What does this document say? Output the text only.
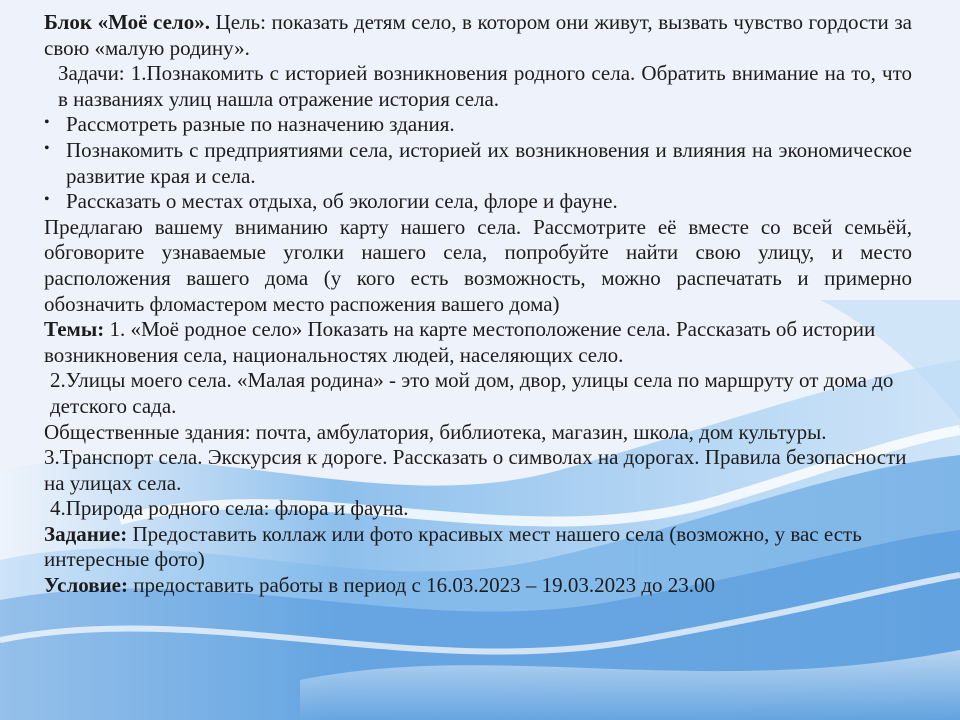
Блок «Моё село». Цель: показать детям село, в котором они живут, вызвать чувство гордости за свою «малую родину».

Задачи: 1.Познакомить с историей возникновения родного села. Обратить внимание на то, что в названиях улиц нашла отражение история села.

• Рассмотреть разные по назначению здания.
• Познакомить с предприятиями села, историей их возникновения и влияния на экономическое развитие края и села.
• Рассказать о местах отдыха, об экологии села, флоре и фауне.

Предлагаю вашему вниманию карту нашего села. Рассмотрите её вместе со всей семьёй, обговорите узнаваемые уголки нашего села, попробуйте найти свою улицу, и место расположения вашего дома (у кого есть возможность, можно распечатать и примерно обозначить фломастером место распожения вашего дома)

Темы: 1. «Моё родное село» Показать на карте местоположение села. Рассказать об истории возникновения села, национальностях людей, населяющих село.

2.Улицы моего села. «Малая родина» - это мой дом, двор, улицы села по маршруту от дома до детского сада.

Общественные здания: почта, амбулатория, библиотека, магазин, школа, дом культуры.

3.Транспорт села. Экскурсия к дороге. Рассказать о символах на дорогах. Правила безопасности на улицах села.

4.Природа родного села: флора и фауна.

Задание: Предоставить коллаж или фото красивых мест нашего села (возможно, у вас есть интересные фото)

Условие: предоставить работы в период с 16.03.2023 – 19.03.2023 до 23.00
